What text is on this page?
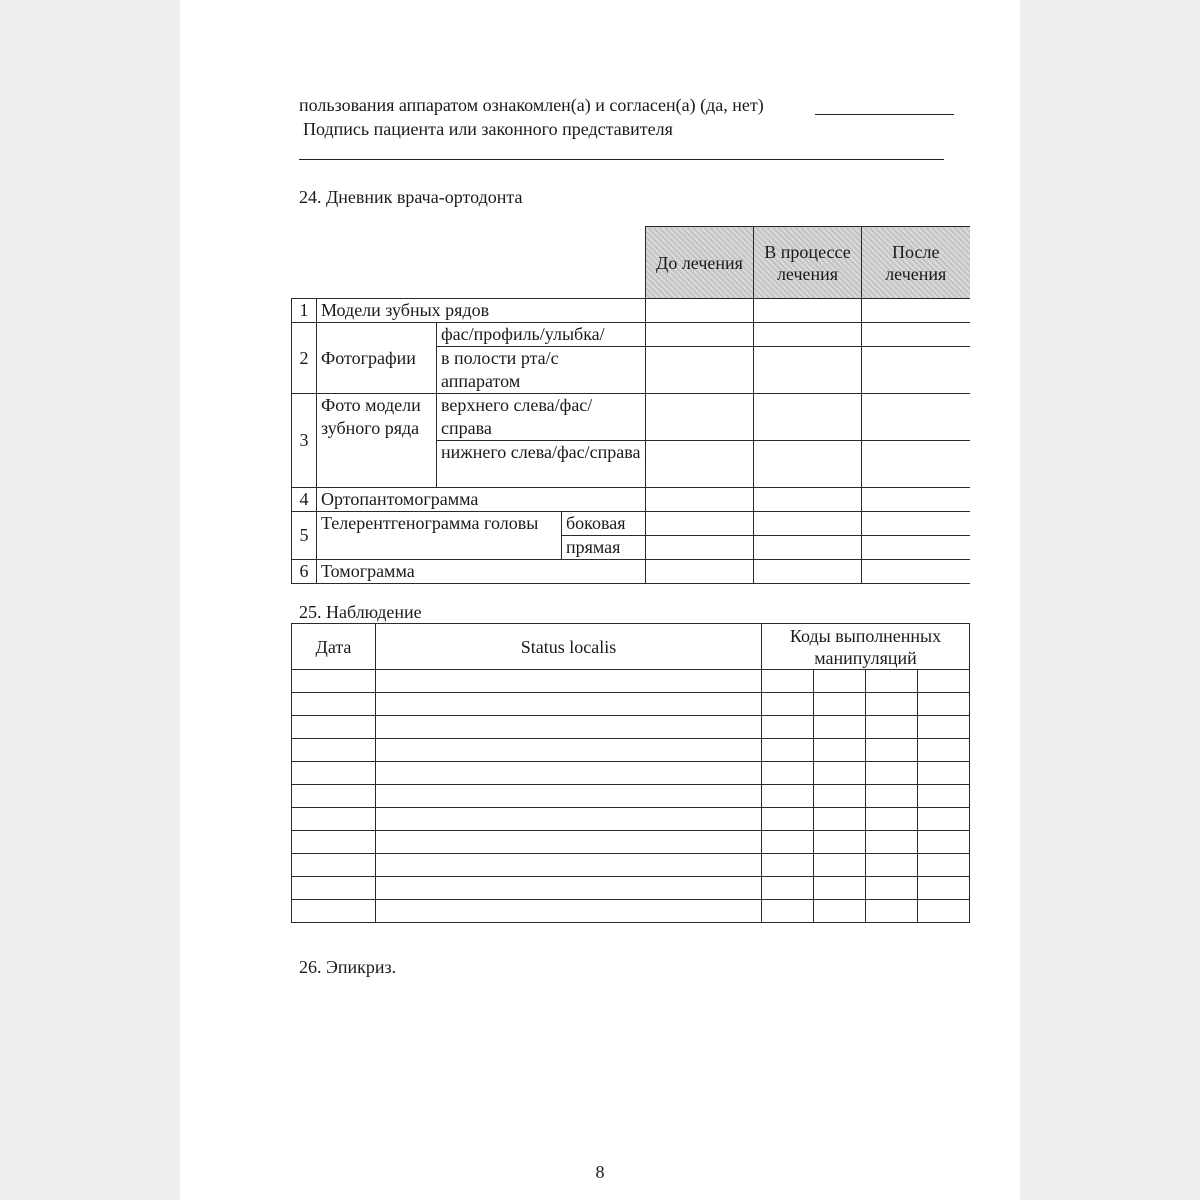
пользования аппаратом ознакомлен(а) и согласен(а) (да, нет)
Подпись пациента или законного представителя
24. Дневник врача-ортодонта
				До лечения	В процессе лечения	После лечения
1	Модели зубных рядов					
2	Фотографии	фас/профиль/улыбка/				
		в полости рта/с аппаратом				
3	Фото модели зубного ряда	верхнего слева/фас/справа				
		нижнего слева/фас/справа				
4	Ортопантомограмма					
5	Телерентгенограмма головы		боковая			
			прямая			
6	Томограмма					
25. Наблюдение
Дата	Status localis	Коды выполненных манипуляций			

26. Эпикриз.
8
